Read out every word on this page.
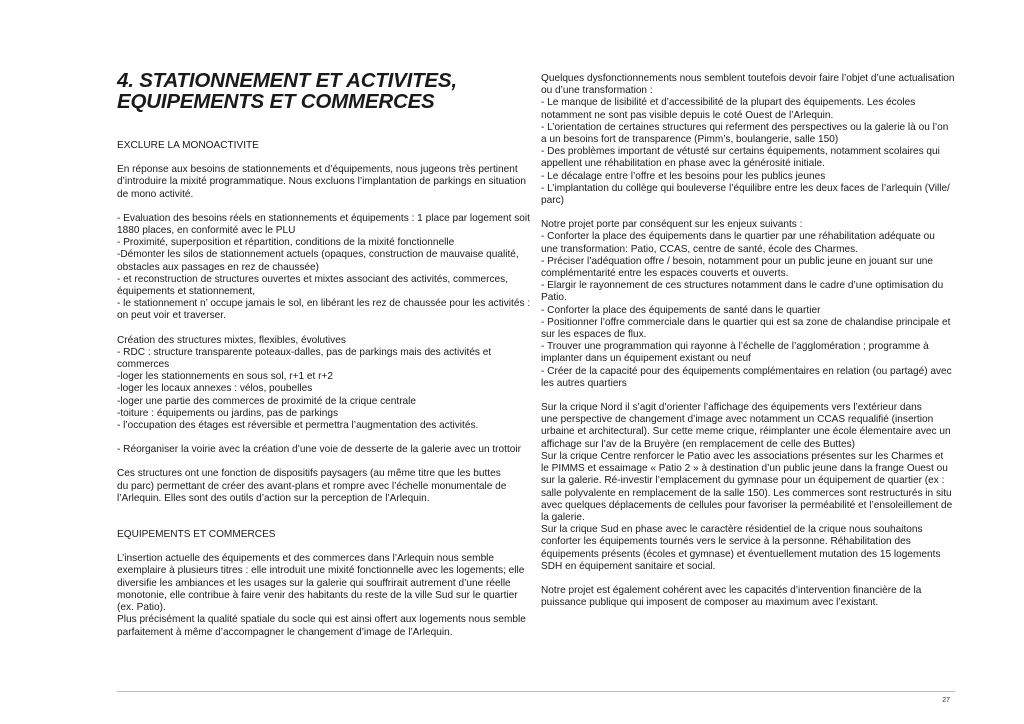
4. STATIONNEMENT ET ACTIVITES,
EQUIPEMENTS ET COMMERCES
EXCLURE LA MONOACTIVITE
En réponse aux besoins de stationnements et d’équipements, nous jugeons très pertinent
d’introduire la mixité programmatique. Nous excluons l’implantation de parkings en situation
de mono activité.
- Evaluation des besoins réels en stationnements et équipements : 1 place par logement soit
1880 places, en conformité avec le PLU
- Proximité, superposition et répartition, conditions de la mixité fonctionnelle
-Démonter les silos de stationnement actuels (opaques, construction de mauvaise qualité,
obstacles aux passages en rez de chaussée)
- et reconstruction de structures ouvertes et mixtes associant des activités, commerces,
équipements et stationnement,
- le stationnement n’ occupe jamais le sol, en libérant les rez de chaussée pour les activités :
on peut voir et traverser.
Création des structures mixtes, flexibles, évolutives
- RDC : structure transparente poteaux-dalles, pas de parkings mais des activités et
commerces
-loger les stationnements en sous sol, r+1 et r+2
-loger les locaux annexes : vélos, poubelles
-loger une partie des commerces de proximité de la crique centrale
-toiture : équipements ou jardins, pas de parkings
- l’occupation des étages est réversible et permettra l’augmentation des activités.
- Réorganiser la voirie avec la création d’une voie de desserte de la galerie avec un trottoir
Ces structures ont une fonction de dispositifs paysagers (au même titre que les buttes
du parc) permettant de créer des avant-plans et rompre avec l’échelle monumentale de
l’Arlequin. Elles sont des outils d’action sur la perception de l’Arlequin.
EQUIPEMENTS ET COMMERCES
L’insertion actuelle des équipements et des commerces dans l’Arlequin nous semble
exemplaire à plusieurs titres : elle introduit une mixité fonctionnelle avec les logements; elle
diversifie les ambiances et les usages sur la galerie qui souffrirait autrement d’une réelle
monotonie, elle contribue à faire venir des habitants du reste de la ville Sud sur le quartier
(ex. Patio).
Plus précisément la qualité spatiale du socle qui est ainsi offert aux logements nous semble
parfaitement à même d’accompagner le changement d’image de l’Arlequin.
Quelques dysfonctionnements nous semblent toutefois devoir faire l’objet d’une actualisation
ou d’une transformation :
- Le manque de lisibilité et d’accessibilité de la plupart des équipements. Les écoles
notamment ne sont pas visible depuis le coté Ouest de l’Arlequin.
- L’orientation de certaines structures qui referment des perspectives ou la galerie là ou l’on
a un besoins fort de transparence (Pimm’s, boulangerie, salle 150)
- Des problèmes important de vétusté sur certains équipements, notamment scolaires qui
appellent une réhabilitation en phase avec la générosité initiale.
- Le décalage entre l’offre et les besoins pour les publics jeunes
- L’implantation du collège qui bouleverse l’équilibre entre les deux faces de l’arlequin (Ville/
parc)
Notre projet porte par conséquent sur les enjeux suivants :
- Conforter la place des équipements dans le quartier par une réhabilitation adéquate ou
une transformation: Patio, CCAS, centre de santé, école des Charmes.
- Préciser l’adéquation offre / besoin, notamment pour un public jeune en jouant sur une
complémentarité entre les espaces couverts et ouverts.
- Elargir le rayonnement de ces structures notamment dans le cadre d’une optimisation du
Patio.
- Conforter la place des équipements de santé dans le quartier
- Positionner l’offre commerciale dans le quartier qui est sa zone de chalandise principale et
sur les espaces de flux.
- Trouver une programmation qui rayonne à l’échelle de l’agglomération ; programme à
implanter dans un équipement existant ou neuf
- Créer de la capacité pour des équipements complémentaires en relation (ou partagé) avec
les autres quartiers
Sur la crique Nord il s’agit d’orienter l’affichage des équipements vers l’extérieur dans
une perspective de changement d’image avec notamment un CCAS requalifié (insertion
urbaine et architectural). Sur cette meme crique, réimplanter une école élementaire avec un
affichage sur l’av de la Bruyère (en remplacement de celle des Buttes)
Sur la crique Centre renforcer le Patio avec les associations présentes sur les Charmes et
le PIMMS et essaimage « Patio 2 » à destination d’un public jeune dans la frange Ouest ou
sur la galerie. Ré-investir l’emplacement du gymnase pour un équipement de quartier (ex :
salle polyvalente en remplacement de la salle 150). Les commerces sont restructurés in situ
avec quelques déplacements de cellules pour favoriser la perméabilité et l’ensoleillement de
la galerie.
Sur la crique Sud en phase avec le caractère résidentiel de la crique nous souhaitons
conforter les équipements tournés vers le service à la personne. Réhabilitation des
équipements présents (écoles et gymnase) et éventuellement mutation des 15 logements
SDH en équipement sanitaire et social.
Notre projet est également cohérent avec les capacités d’intervention financière de la
puissance publique qui imposent de composer au maximum avec l’existant.
27
